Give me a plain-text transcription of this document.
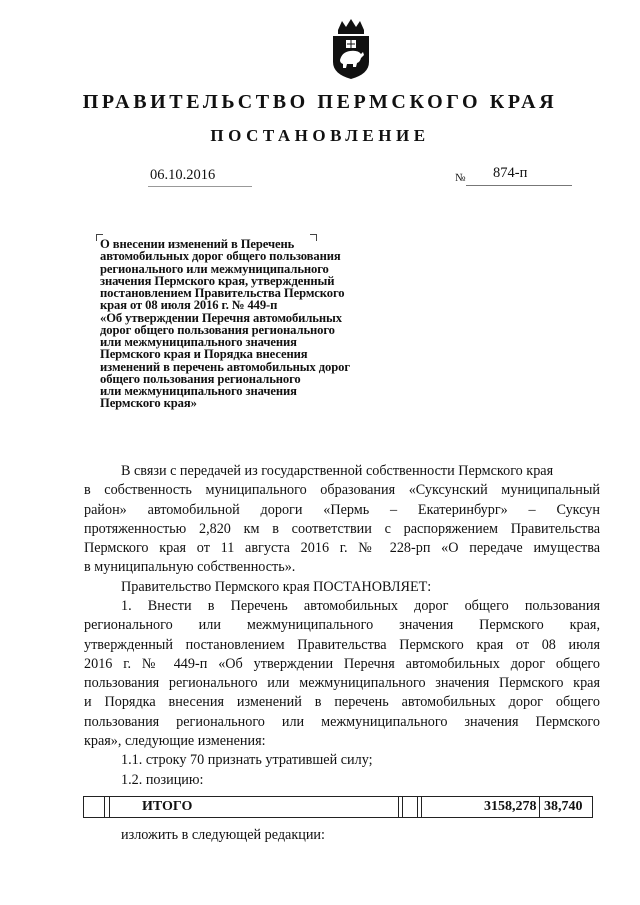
ПРАВИТЕЛЬСТВО ПЕРМСКОГО КРАЯ
ПОСТАНОВЛЕНИЕ
06.10.2016	№ 874-п
О внесении изменений в Перечень
автомобильных дорог общего пользования
регионального или межмуниципального
значения Пермского края, утвержденный
постановлением Правительства Пермского
края от 08 июля 2016 г. № 449-п
«Об утверждении Перечня автомобильных
дорог общего пользования регионального
или межмуниципального значения
Пермского края и Порядка внесения
изменений в перечень автомобильных дорог
общего пользования регионального
или межмуниципального значения
Пермского края»
В связи с передачей из государственной собственности Пермского края
в собственность муниципального образования «Суксунский муниципальный
район» автомобильной дороги «Пермь – Екатеринбург» – Суксун
протяженностью 2,820 км в соответствии с распоряжением Правительства
Пермского края от 11 августа 2016 г. № 228-рп «О передаче имущества
в муниципальную собственность».
Правительство Пермского края ПОСТАНОВЛЯЕТ:
1. Внести в Перечень автомобильных дорог общего пользования
регионального или межмуниципального значения Пермского края,
утвержденный постановлением Правительства Пермского края от 08 июля
2016 г. № 449-п «Об утверждении Перечня автомобильных дорог общего
пользования регионального или межмуниципального значения Пермского края
и Порядка внесения изменений в перечень автомобильных дорог общего
пользования регионального или межмуниципального значения Пермского
края», следующие изменения:
1.1. строку 70 признать утратившей силу;
1.2. позицию:
ИТОГО	3158,278 38,740
изложить в следующей редакции:
